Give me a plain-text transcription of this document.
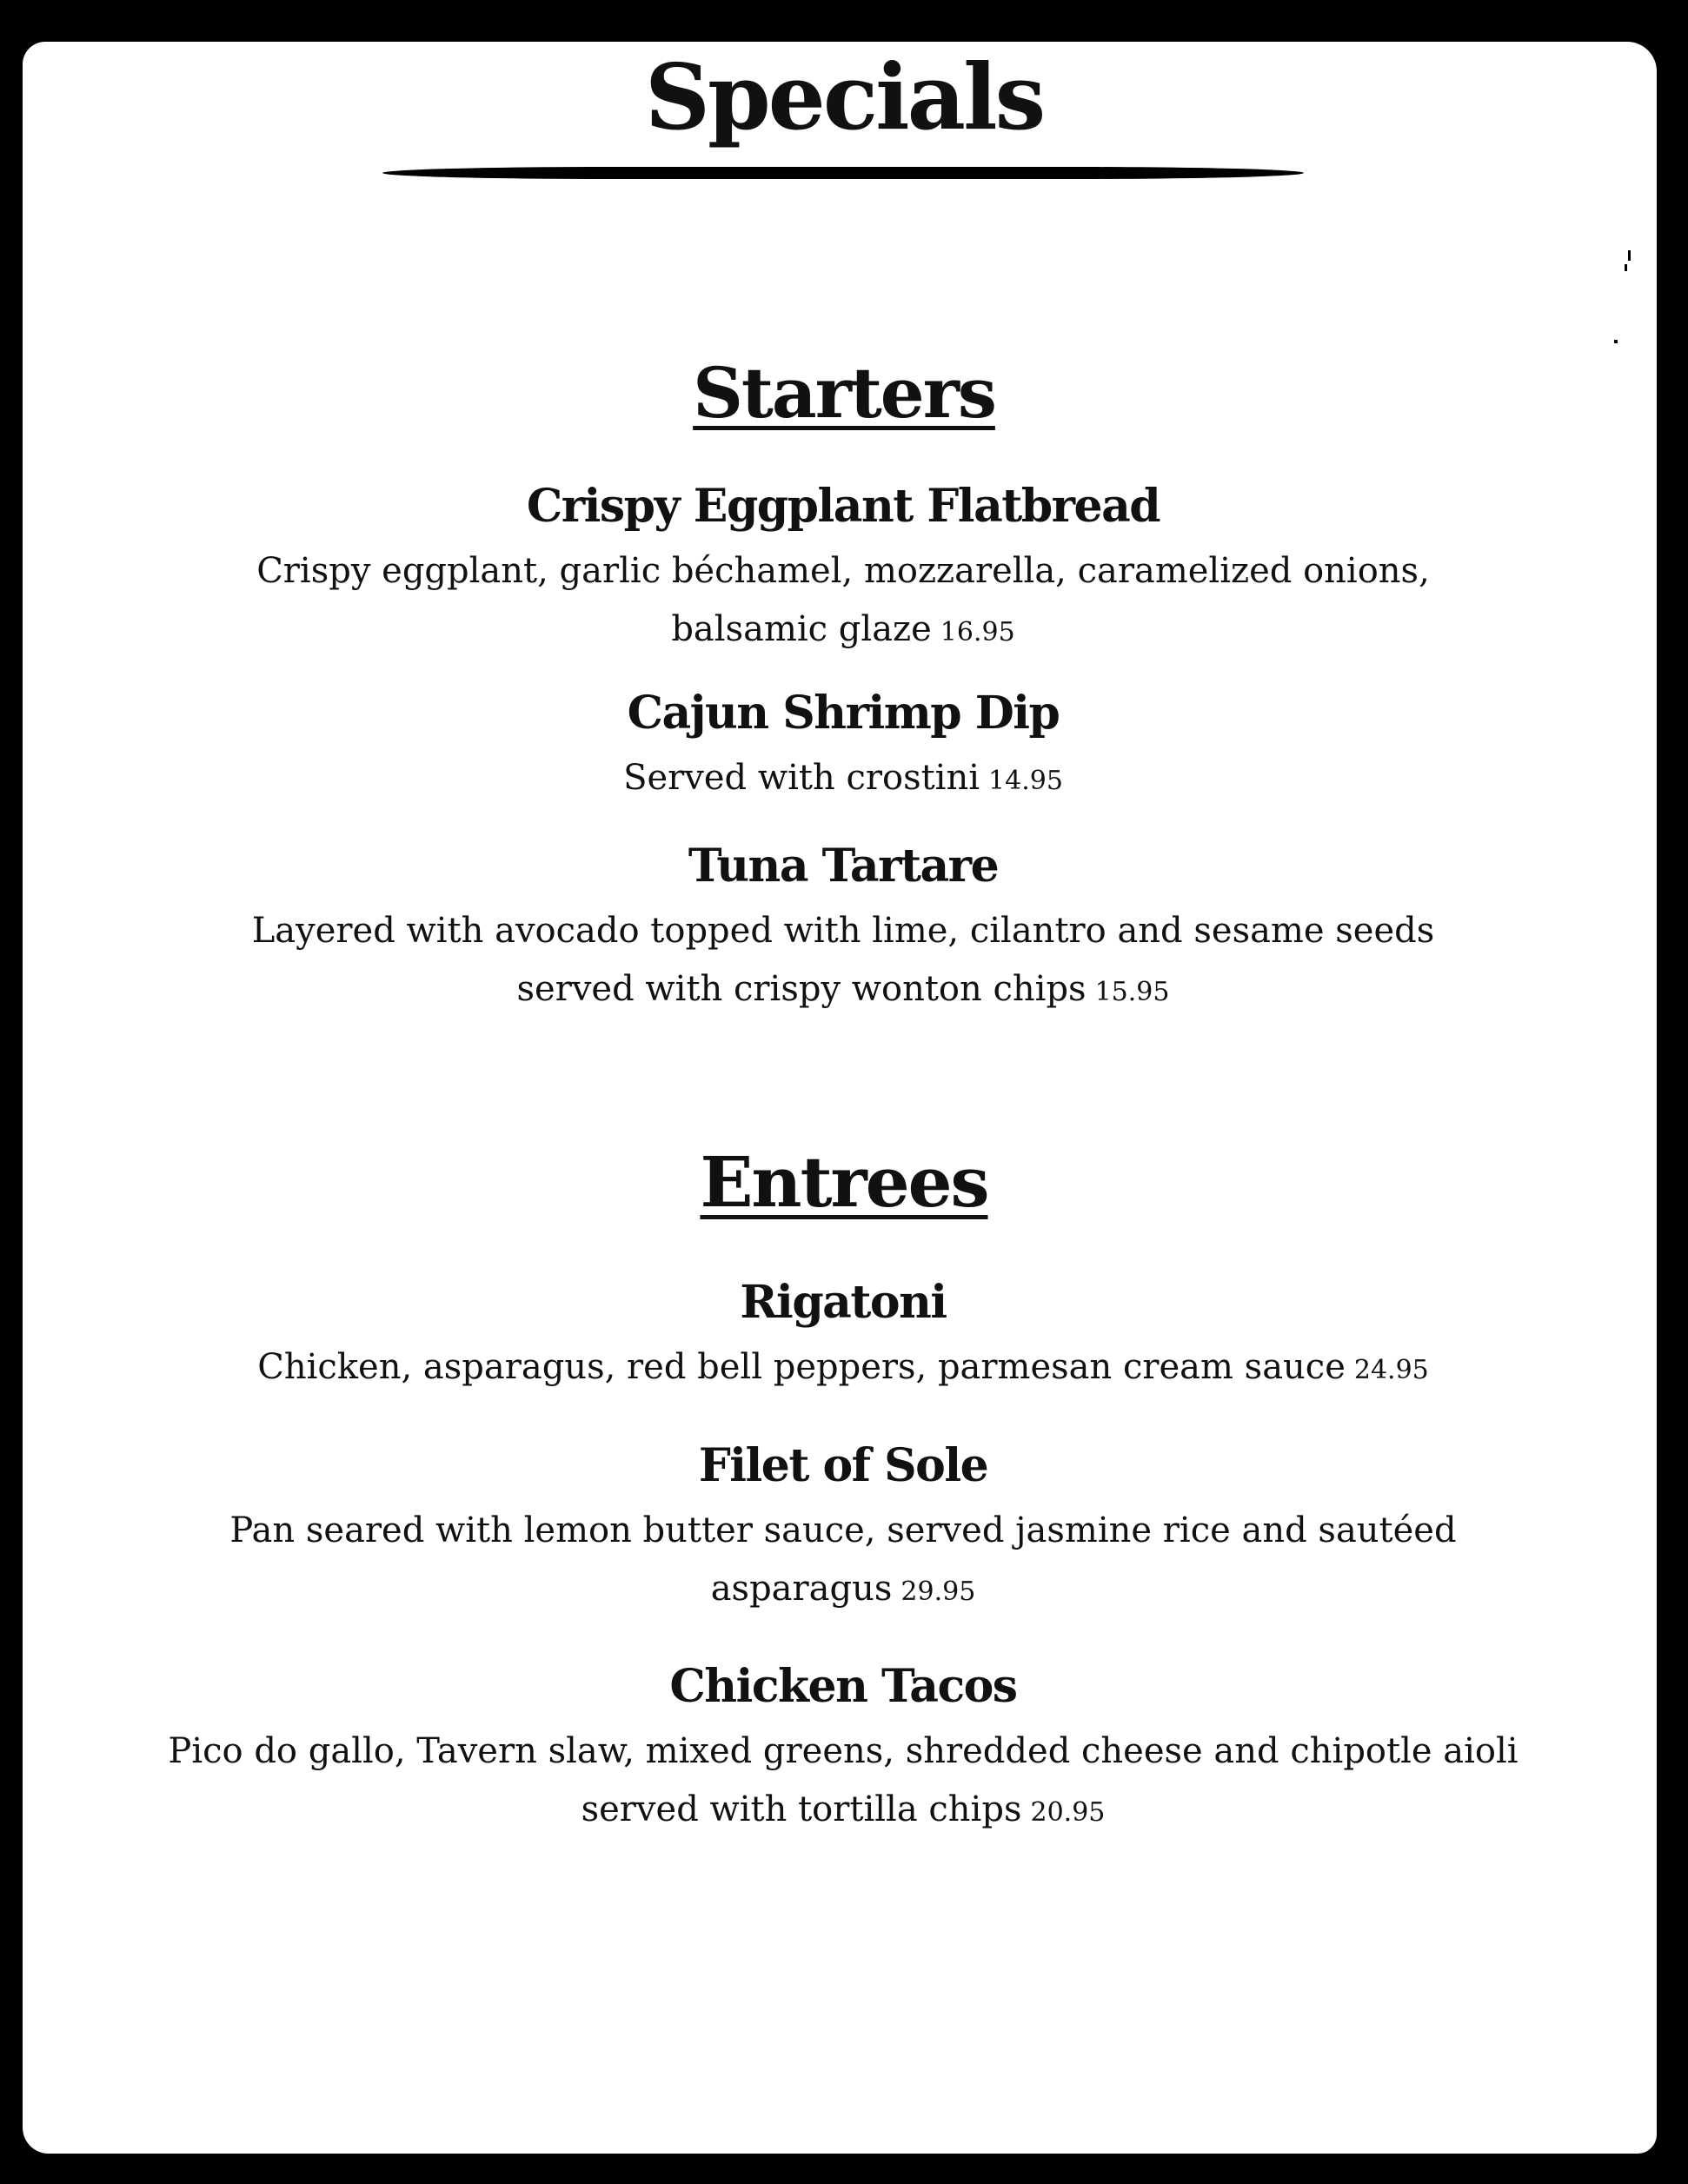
Specials
Starters
Crispy Eggplant Flatbread
Crispy eggplant, garlic béchamel, mozzarella, caramelized onions,
balsamic glaze 16.95
Cajun Shrimp Dip
Served with crostini 14.95
Tuna Tartare
Layered with avocado topped with lime, cilantro and sesame seeds
served with crispy wonton chips 15.95
Entrees
Rigatoni
Chicken, asparagus, red bell peppers, parmesan cream sauce 24.95
Filet of Sole
Pan seared with lemon butter sauce, served jasmine rice and sautéed
asparagus 29.95
Chicken Tacos
Pico do gallo, Tavern slaw, mixed greens, shredded cheese and chipotle aioli
served with tortilla chips 20.95
